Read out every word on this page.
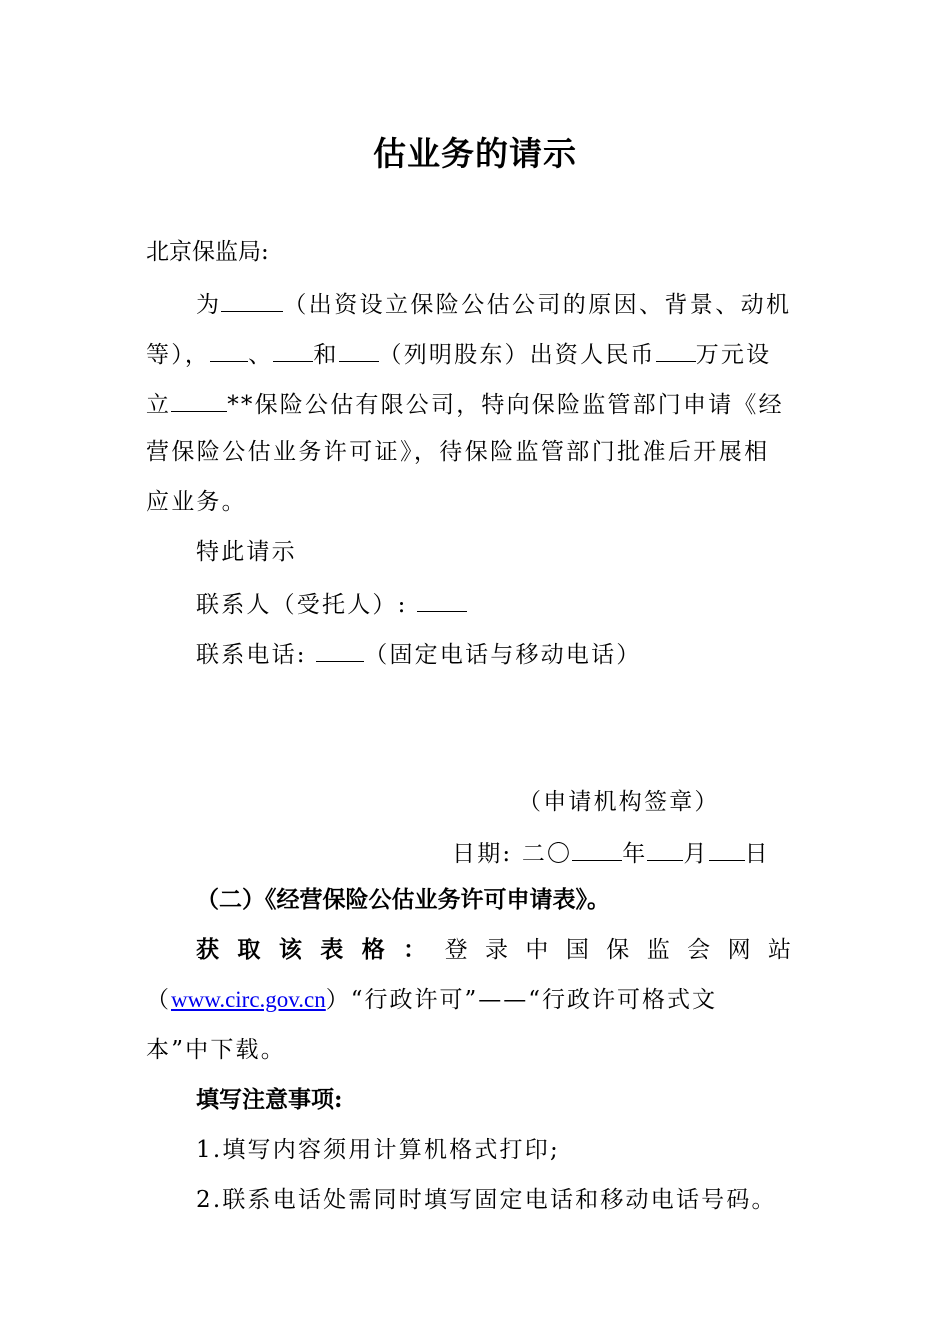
估业务的请示
北京保监局:
为	（出资设立保险公估公司的原因、背景、动机
等）， 、 和 （列明股东）出资人民币 万元设
立 **保险公估有限公司，特向保险监管部门申请《经
营保险公估业务许可证》，待保险监管部门批准后开展相
应业务。
特此请示
联系人（受托人）:
联系电话:	（固定电话与移动电话）
（申请机构签章）
日期: 二〇 年 月 日
（二）《经营保险公估业务许可申请表》。
获取该表格：登录中国保监会网站
（www.circ.gov.cn）“行政许可”——“行政许可格式文
本”中下载。
填写注意事项:
1.填写内容须用计算机格式打印;
2.联系电话处需同时填写固定电话和移动电话号码。
